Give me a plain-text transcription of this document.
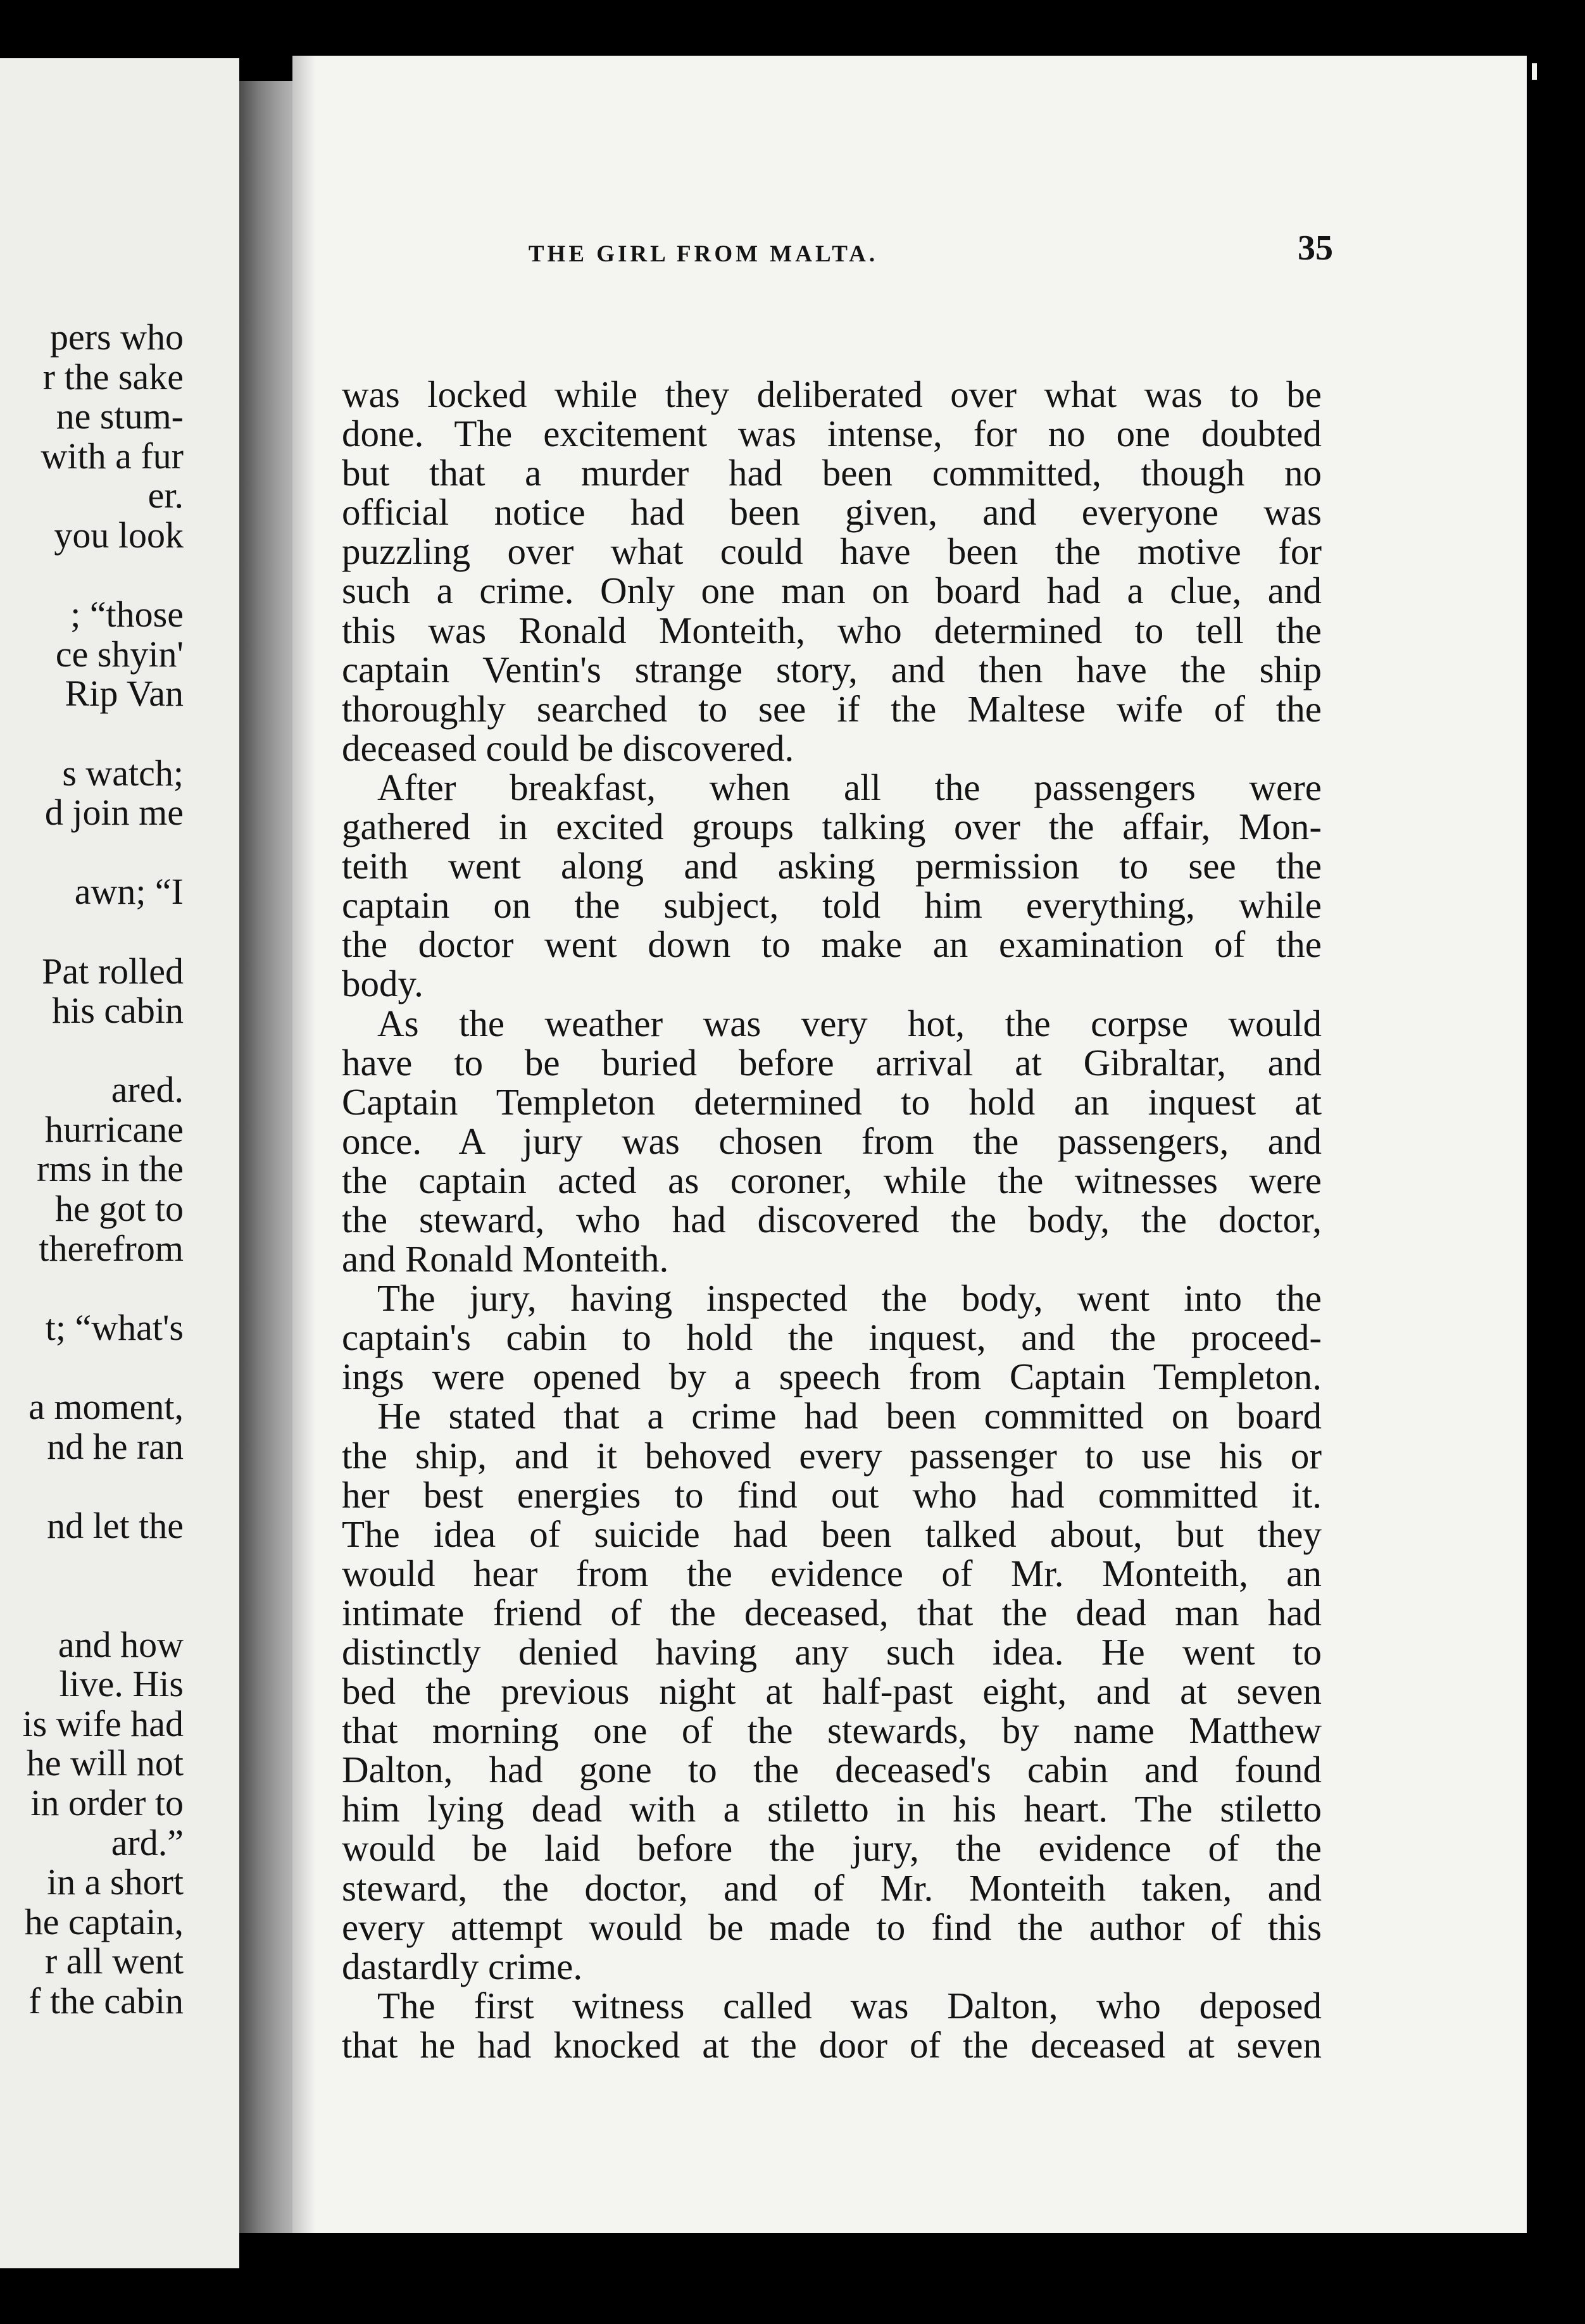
pers who
r the sake
ne stum-
with a fur
er.
you look
; “those
ce shyin'
Rip Van
s watch;
d join me
awn; “I
Pat rolled
his cabin
ared.
hurricane
rms in the
he got to
therefrom
t; “what's
a moment,
nd he ran
nd let the
and how
live. His
is wife had
he will not
in order to
ard.”
in a short
he captain,
r all went
f the cabin
THE GIRL FROM MALTA.	35
was locked while they deliberated over what was to be
done. The excitement was intense, for no one doubted
but that a murder had been committed, though no
official notice had been given, and everyone was
puzzling over what could have been the motive for
such a crime. Only one man on board had a clue, and
this was Ronald Monteith, who determined to tell the
captain Ventin's strange story, and then have the ship
thoroughly searched to see if the Maltese wife of the
deceased could be discovered.
After breakfast, when all the passengers were
gathered in excited groups talking over the affair, Mon-
teith went along and asking permission to see the
captain on the subject, told him everything, while
the doctor went down to make an examination of the
body.
As the weather was very hot, the corpse would
have to be buried before arrival at Gibraltar, and
Captain Templeton determined to hold an inquest at
once. A jury was chosen from the passengers, and
the captain acted as coroner, while the witnesses were
the steward, who had discovered the body, the doctor,
and Ronald Monteith.
The jury, having inspected the body, went into the
captain's cabin to hold the inquest, and the proceed-
ings were opened by a speech from Captain Templeton.
He stated that a crime had been committed on board
the ship, and it behoved every passenger to use his or
her best energies to find out who had committed it.
The idea of suicide had been talked about, but they
would hear from the evidence of Mr. Monteith, an
intimate friend of the deceased, that the dead man had
distinctly denied having any such idea. He went to
bed the previous night at half-past eight, and at seven
that morning one of the stewards, by name Matthew
Dalton, had gone to the deceased's cabin and found
him lying dead with a stiletto in his heart. The stiletto
would be laid before the jury, the evidence of the
steward, the doctor, and of Mr. Monteith taken, and
every attempt would be made to find the author of this
dastardly crime.
The first witness called was Dalton, who deposed
that he had knocked at the door of the deceased at seven
